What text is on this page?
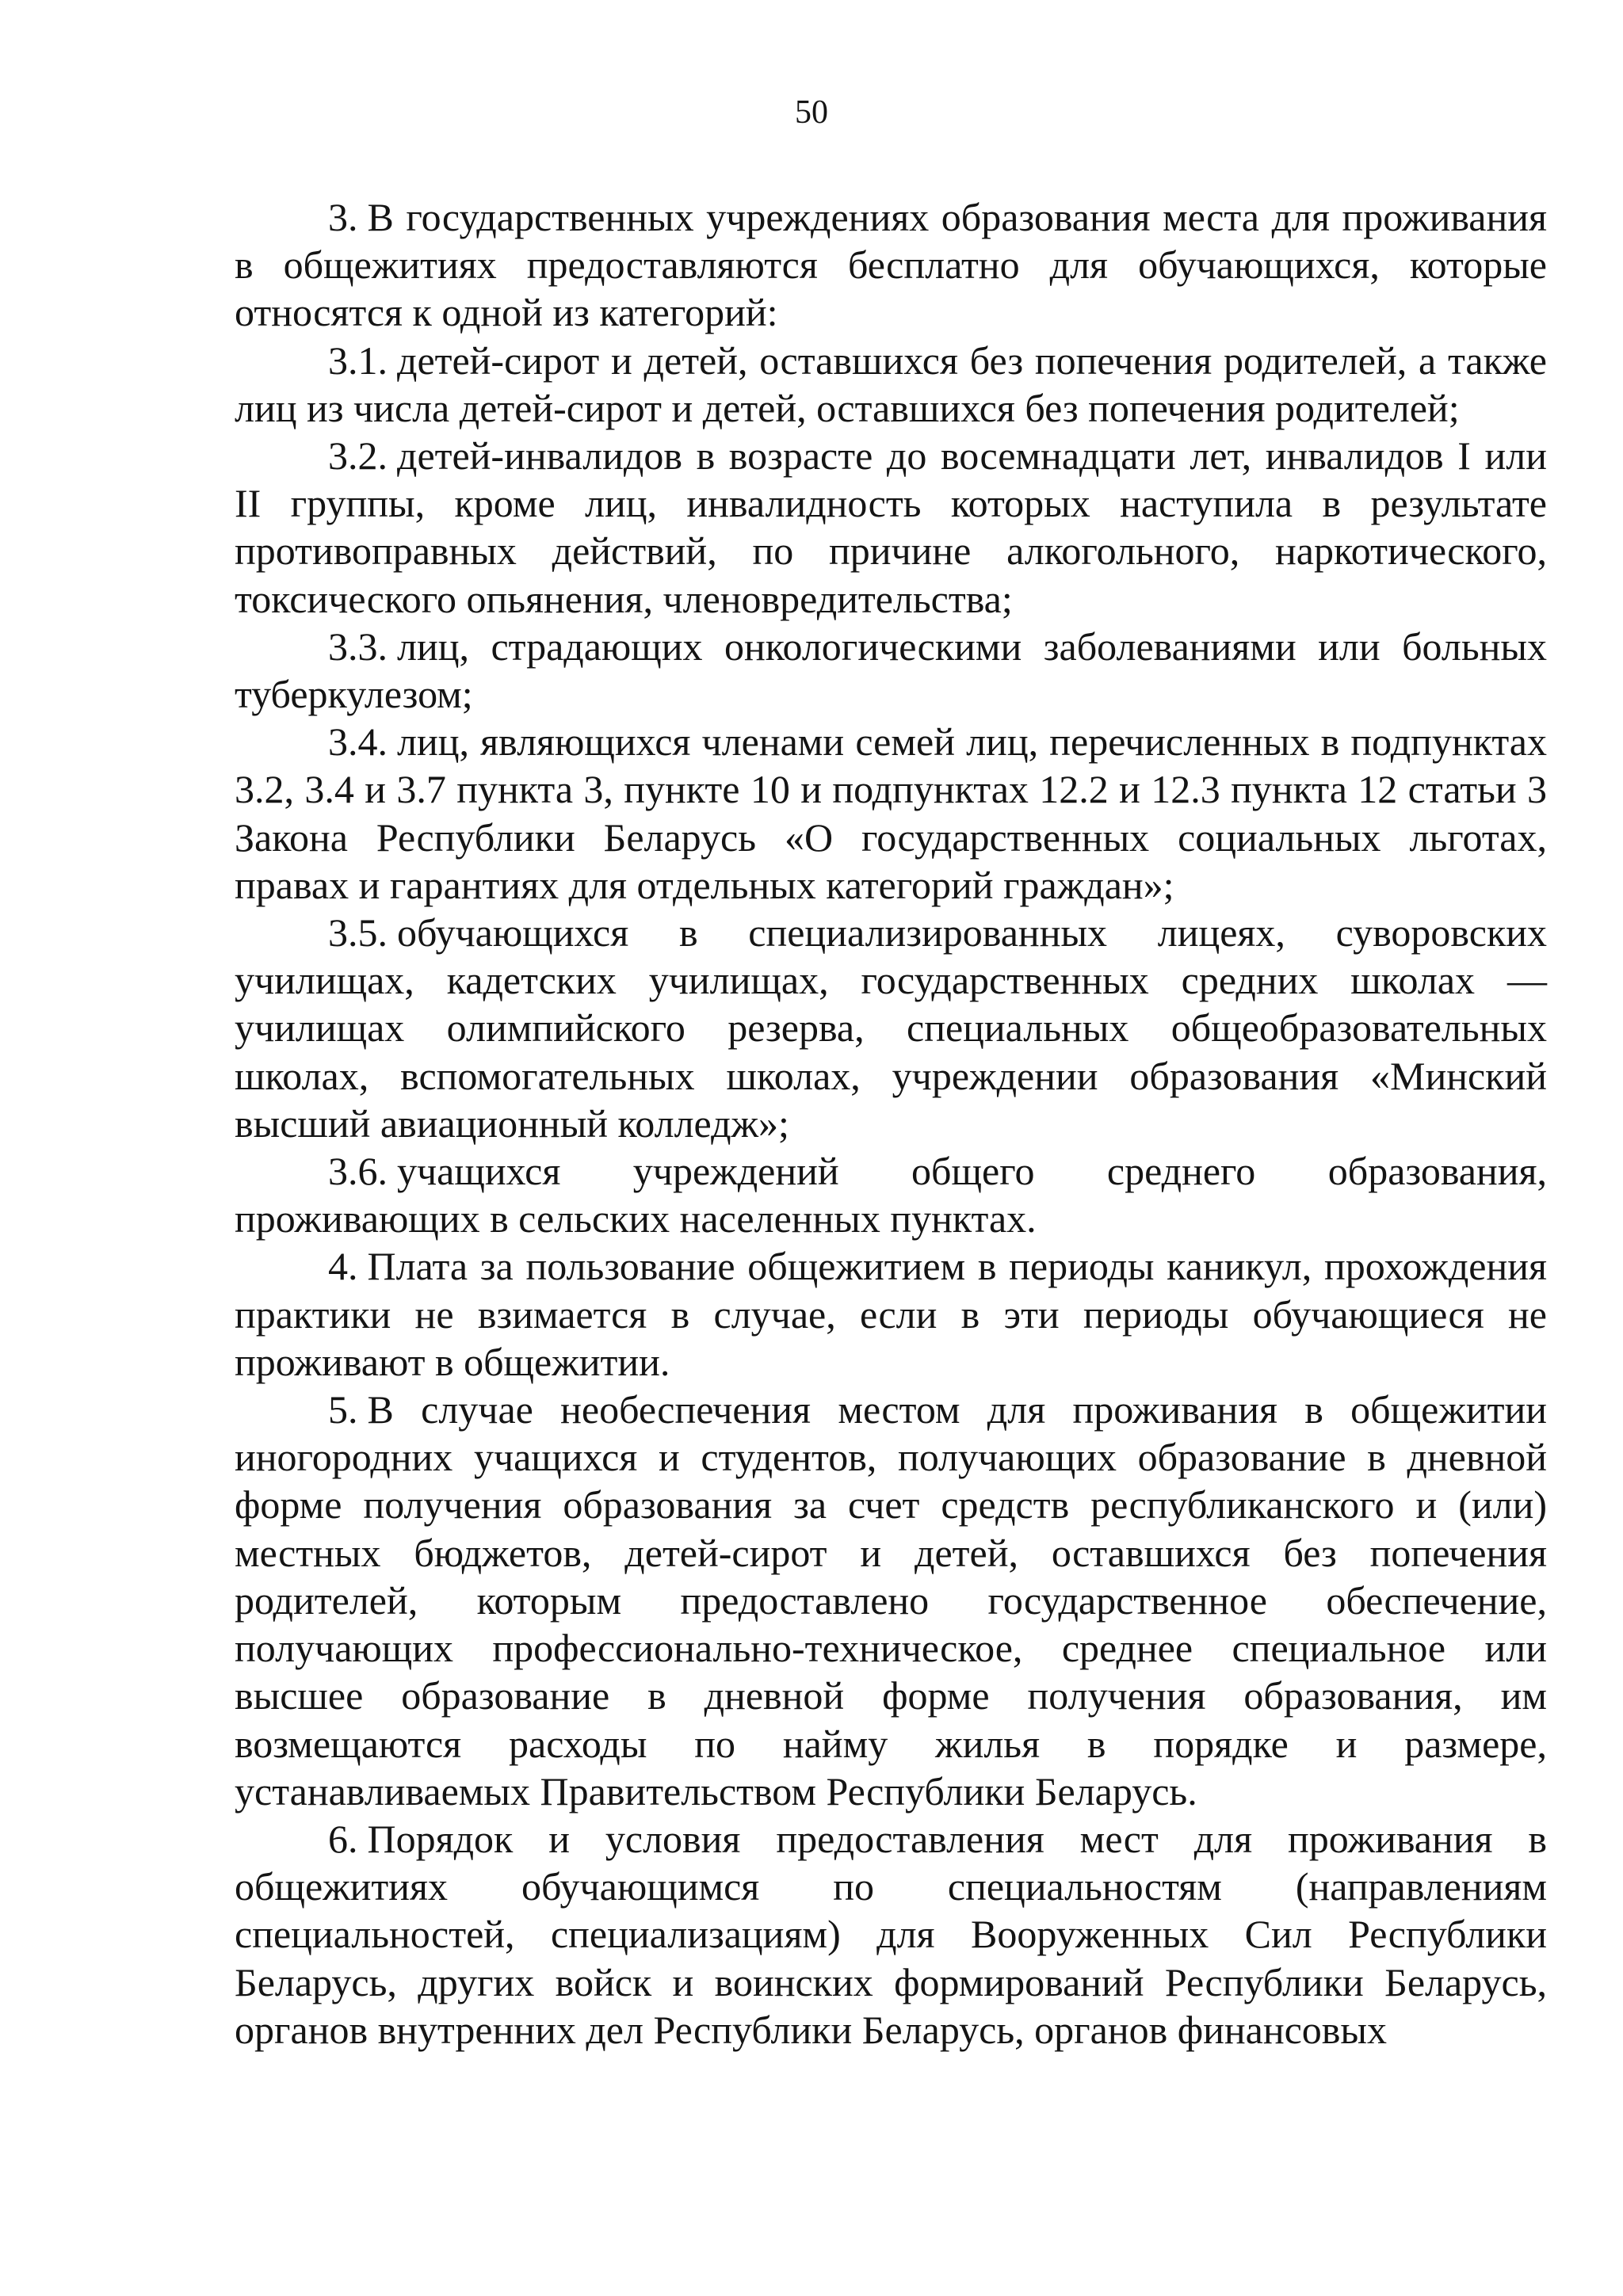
50

3. В государственных учреждениях образования места для проживания в общежитиях предоставляются бесплатно для обучающихся, которые относятся к одной из категорий:

3.1. детей-сирот и детей, оставшихся без попечения родителей, а также лиц из числа детей-сирот и детей, оставшихся без попечения родителей;

3.2. детей-инвалидов в возрасте до восемнадцати лет, инвалидов I или II группы, кроме лиц, инвалидность которых наступила в результате противоправных действий, по причине алкогольного, наркотического, токсического опьянения, членовредительства;

3.3. лиц, страдающих онкологическими заболеваниями или больных туберкулезом;

3.4. лиц, являющихся членами семей лиц, перечисленных в подпунктах 3.2, 3.4 и 3.7 пункта 3, пункте 10 и подпунктах 12.2 и 12.3 пункта 12 статьи 3 Закона Республики Беларусь «О государственных социальных льготах, правах и гарантиях для отдельных категорий граждан»;

3.5. обучающихся в специализированных лицеях, суворовских училищах, кадетских училищах, государственных средних школах — училищах олимпийского резерва, специальных общеобразовательных школах, вспомогательных школах, учреждении образования «Минский высший авиационный колледж»;

3.6. учащихся учреждений общего среднего образования, проживающих в сельских населенных пунктах.

4. Плата за пользование общежитием в периоды каникул, прохождения практики не взимается в случае, если в эти периоды обучающиеся не проживают в общежитии.

5. В случае необеспечения местом для проживания в общежитии иногородних учащихся и студентов, получающих образование в дневной форме получения образования за счет средств республиканского и (или) местных бюджетов, детей-сирот и детей, оставшихся без попечения родителей, которым предоставлено государственное обеспечение, получающих профессионально-техническое, среднее специальное или высшее образование в дневной форме получения образования, им возмещаются расходы по найму жилья в порядке и размере, устанавливаемых Правительством Республики Беларусь.

6. Порядок и условия предоставления мест для проживания в общежитиях обучающимся по специальностям (направлениям специальностей, специализациям) для Вооруженных Сил Республики Беларусь, других войск и воинских формирований Республики Беларусь, органов внутренних дел Республики Беларусь, органов финансовых
